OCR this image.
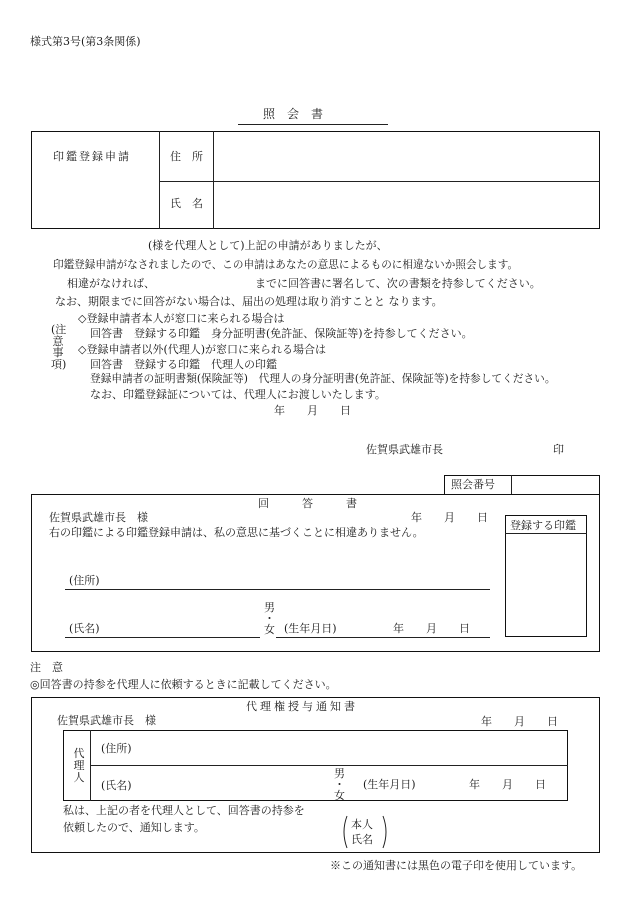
様式第3号(第3条関係)
照　会　書
印鑑登録申請	住　所
氏　名
(様を代理人として)上記の申請がありましたが、
印鑑登録申請がなされましたので、この申請はあなたの意思によるものに相違ないか照会します。
相違がなければ、	までに回答書に署名して、次の書類を持参してください。
なお、期限までに回答がない場合は、届出の処理は取り消すことと なります。
(注意事項)
◇登録申請者本人が窓口に来られる場合は
回答書　登録する印鑑　身分証明書(免許証、保険証等)を持参してください。
◇登録申請者以外(代理人)が窓口に来られる場合は
回答書　登録する印鑑　代理人の印鑑
登録申請者の証明書類(保険証等)　代理人の身分証明書(免許証、保険証等)を持参してください。
なお、印鑑登録証については、代理人にお渡しいたします。
年　　月　　日
佐賀県武雄市長	印
照会番号
回　　　答　　　書
佐賀県武雄市長　様	年　　月　　日
右の印鑑による印鑑登録申請は、私の意思に基づくことに相違ありません。
登録する印鑑
(住所)
男
・
女
(氏名)	(生年月日)	年　　月　　日
注　意
◎回答書の持参を代理人に依頼するときに記載してください。
代理権授与通知書
佐賀県武雄市長　様	年　　月　　日
代理人
(住所)
(氏名)
男
・
女
(生年月日)	年　　月　　日
私は、上記の者を代理人として、回答書の持参を
依頼したので、通知します。	本人
氏名
※この通知書には黒色の電子印を使用しています。
